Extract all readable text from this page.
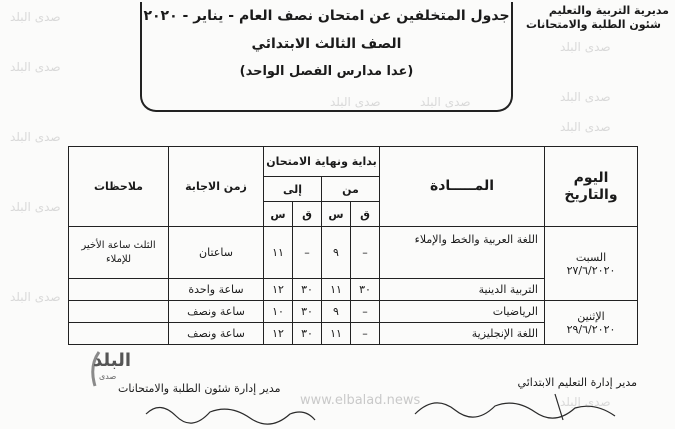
صدى البلد
صدى البلد
صدى البلد
صدى البلد
صدى البلد
صدى البلد
صدى البلد
صدى البلد
صدى البلد
صدى البلد
صدى البلد
www.elbalad.news
مديرية التربية والتعليم
شئون الطلبة والامتحانات
جدول المتخلفين عن امتحان نصف العام - يناير - ٢٠٢٠
الصف الثالث الابتدائي
(عدا مدارس الفصل الواحد)
اليوم والتاريخ	المـــــادة	بداية ونهاية الامتحان				زمن الاجابة	ملاحظات
		من		إلى			
		ق	س	ق	س		

السبت
٢٧/٦/٢٠٢٠	اللغة العربية والخط والإملاء	–	٩	–	١١	ساعتان	الثلث ساعة الأخير للإملاء
	التربية الدينية	٣٠	١١	٣٠	١٢	ساعة واحدة	

الإثنين
٢٩/٦/٢٠٢٠	الرياضيات	–	٩	٣٠	١٠	ساعة ونصف	
	اللغة الإنجليزية	–	١١	٣٠	١٢	ساعة ونصف	
البلد
صدى	مدير إدارة التعليم الابتدائي
مدير إدارة شئون الطلبة والامتحانات
